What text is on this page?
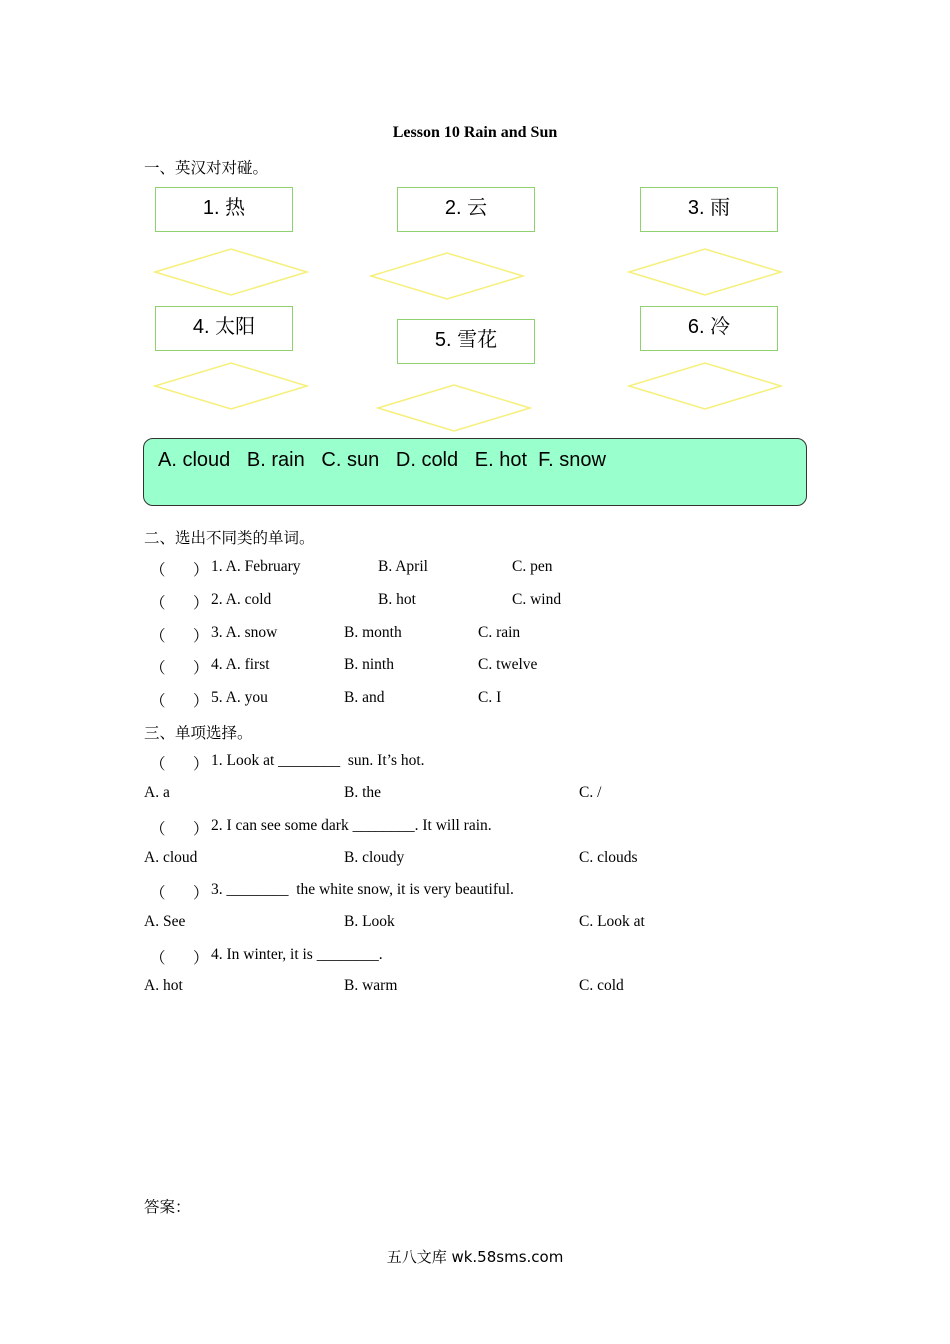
Lesson 10 Rain and Sun
一、英汉对对碰。
1. 热	2. 云	3. 雨
4. 太阳
5. 雪花
6. 冷
A. cloud   B. rain   C. sun   D. cold   E. hot  F. snow
二、选出不同类的单词。
（ ） 1. A. February	B. April	C. pen
（ ） 2. A. cold	B. hot	C. wind
（ ） 3. A. snow	B. month	C. rain
（ ） 4. A. first	B. ninth	C. twelve
（ ） 5. A. you	B. and	C. I
三、单项选择。
（ ） 1. Look at ________  sun. It’s hot.
A. a	B. the	C. /
（ ） 2. I can see some dark ________. It will rain.
A. cloud	B. cloudy	C. clouds
（ ） 3. ________  the white snow, it is very beautiful.
A. See	B. Look	C. Look at
（ ） 4. In winter, it is ________.
A. hot	B. warm	C. cold
答案：
五八文库 wk.58sms.com
